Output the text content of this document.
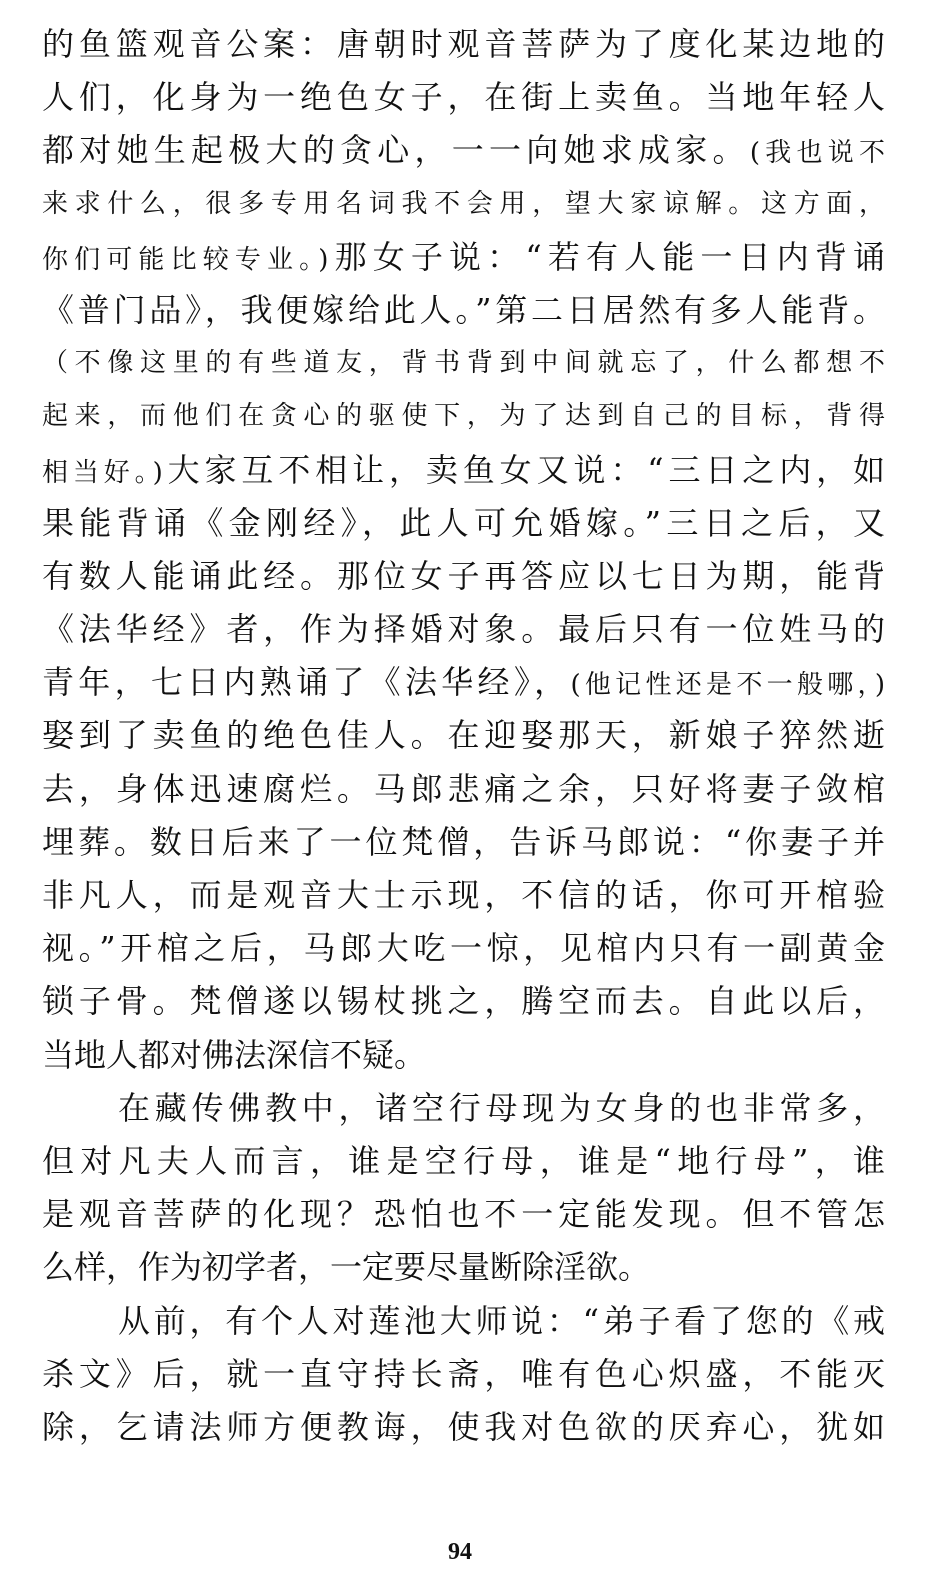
的鱼篮观音公案：唐朝时观音菩萨为了度化某边地的
人们，化身为一绝色女子，在街上卖鱼。当地年轻人
都对她生起极大的贪心，一一向她求成家。(我也说不
来求什么，很多专用名词我不会用，望大家谅解。这方面，
你们可能比较专业。)那女子说：“若有人能一日内背诵
《普门品》，我便嫁给此人。”第二日居然有多人能背。
（不像这里的有些道友，背书背到中间就忘了，什么都想不
起来，而他们在贪心的驱使下，为了达到自己的目标，背得
相当好。)大家互不相让，卖鱼女又说：“三日之内，如
果能背诵《金刚经》，此人可允婚嫁。”三日之后，又
有数人能诵此经。那位女子再答应以七日为期，能背
《法华经》者，作为择婚对象。最后只有一位姓马的
青年，七日内熟诵了《法华经》，(他记性还是不一般哪，)
娶到了卖鱼的绝色佳人。在迎娶那天，新娘子猝然逝
去，身体迅速腐烂。马郎悲痛之余，只好将妻子敛棺
埋葬。数日后来了一位梵僧，告诉马郎说：“你妻子并
非凡人，而是观音大士示现，不信的话，你可开棺验
视。”开棺之后，马郎大吃一惊，见棺内只有一副黄金
锁子骨。梵僧遂以锡杖挑之，腾空而去。自此以后，
当地人都对佛法深信不疑。
在藏传佛教中，诸空行母现为女身的也非常多，
但对凡夫人而言，谁是空行母，谁是“地行母”，谁
是观音菩萨的化现？恐怕也不一定能发现。但不管怎
么样，作为初学者，一定要尽量断除淫欲。
从前，有个人对莲池大师说：“弟子看了您的《戒
杀文》后，就一直守持长斋，唯有色心炽盛，不能灭
除，乞请法师方便教诲，使我对色欲的厌弃心，犹如
94
